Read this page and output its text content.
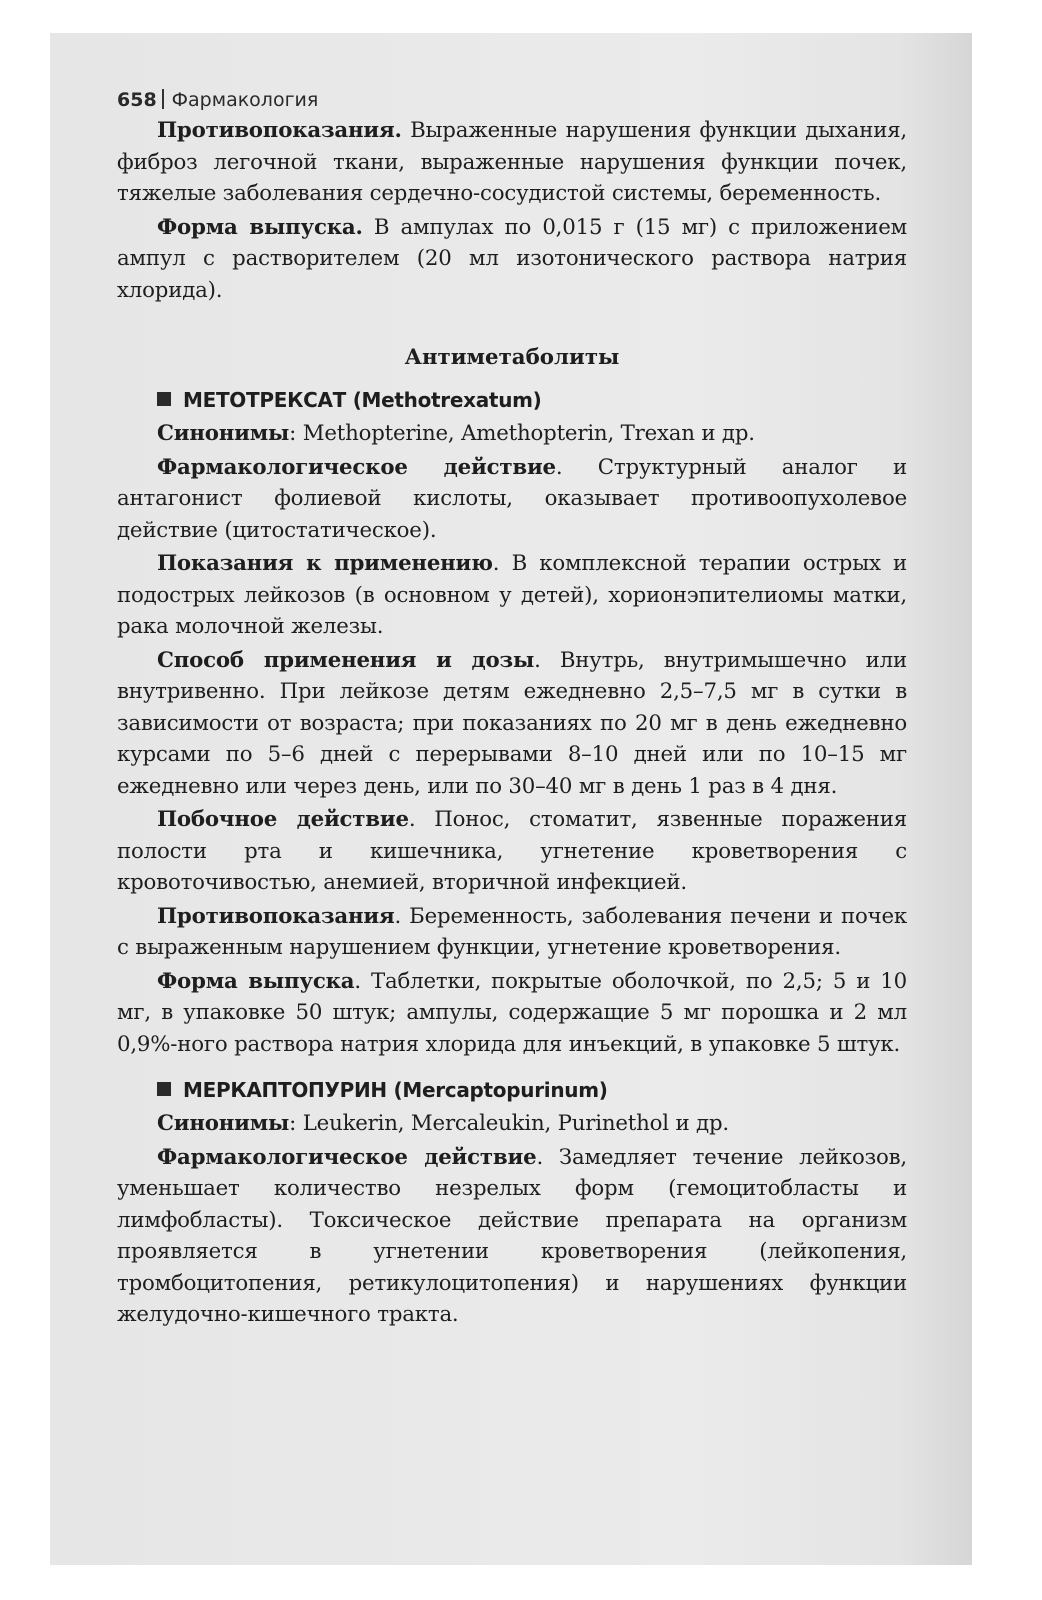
658 Фармакология

Противопоказания. Выраженные нарушения функции дыхания, фиброз легочной ткани, выраженные нарушения функции почек, тяжелые заболевания сердечно-сосудистой системы, беременность.

Форма выпуска. В ампулах по 0,015 г (15 мг) с приложением ампул с растворителем (20 мл изотонического раствора натрия хлорида).

Антиметаболиты
МЕТОТРЕКСАТ (Methotrexatum)

Синонимы: Methopterine, Amethopterin, Trexan и др.

Фармакологическое действие. Структурный аналог и антагонист фолиевой кислоты, оказывает противоопухолевое действие (цитостатическое).

Показания к применению. В комплексной терапии острых и подострых лейкозов (в основном у детей), хорионэпителиомы матки, рака молочной железы.

Способ применения и дозы. Внутрь, внутримышечно или внутривенно. При лейкозе детям ежедневно 2,5–7,5 мг в сутки в зависимости от возраста; при показаниях по 20 мг в день ежедневно курсами по 5–6 дней с перерывами 8–10 дней или по 10–15 мг ежедневно или через день, или по 30–40 мг в день 1 раз в 4 дня.

Побочное действие. Понос, стоматит, язвенные поражения полости рта и кишечника, угнетение кроветворения с кровоточивостью, анемией, вторичной инфекцией.

Противопоказания. Беременность, заболевания печени и почек с выраженным нарушением функции, угнетение кроветворения.

Форма выпуска. Таблетки, покрытые оболочкой, по 2,5; 5 и 10 мг, в упаковке 50 штук; ампулы, содержащие 5 мг порошка и 2 мл 0,9%-ного раствора натрия хлорида для инъекций, в упаковке 5 штук.

МЕРКАПТОПУРИН (Mercaptopurinum)

Синонимы: Leukerin, Mercaleukin, Purinethol и др.

Фармакологическое действие. Замедляет течение лейкозов, уменьшает количество незрелых форм (гемоцитобласты и лимфобласты). Токсическое действие препарата на организм проявляется в угнетении кроветворения (лейкопения, тромбоцитопения, ретикулоцитопения) и нарушениях функции желудочно-кишечного тракта.
